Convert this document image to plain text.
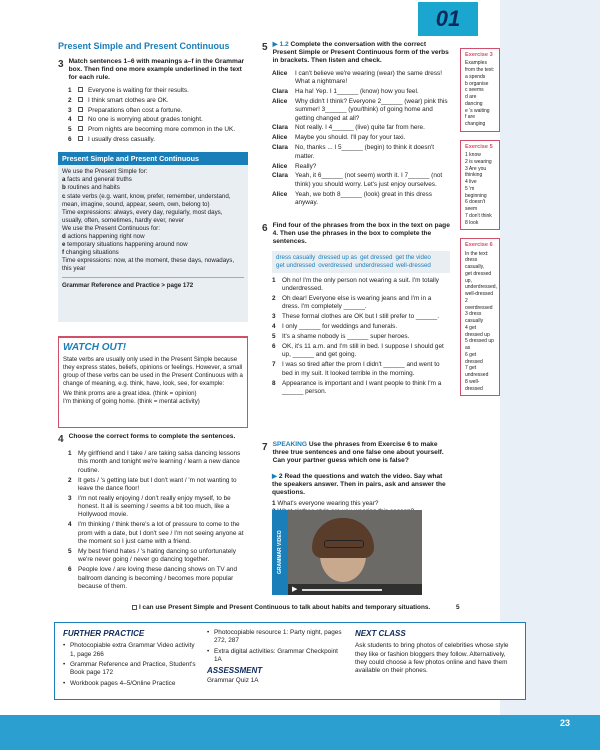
01
Present Simple and Present Continuous
3 Match sentences 1–6 with meanings a–f in the Grammar box. Then find one more example underlined in the text for each rule.
1	Everyone is waiting for their results.
2	I think smart clothes are OK.
3	Preparations often cost a fortune.
4	No one is worrying about grades tonight.
5	Prom nights are becoming more common in the UK.
6	I usually dress casually.
Present Simple and Present Continuous
We use the Present Simple for:
a facts and general truths
b routines and habits
c state verbs (e.g. want, know, prefer, remember, understand, mean, imagine, sound, appear, seem, own, belong to)
Time expressions: always, every day, regularly, most days, usually, often, sometimes, hardly ever, never
We use the Present Continuous for:
d actions happening right now
e temporary situations happening around now
f changing situations
Time expressions: now, at the moment, these days, nowadays, this year
Grammar Reference and Practice > page 172
WATCH OUT!
State verbs are usually only used in the Present Simple because they express states, beliefs, opinions or feelings. However, a small group of these verbs can be used in the Present Continuous with a change of meaning, e.g. think, have, look, see, for example:
We think proms are a great idea. (think = opinion)
I'm thinking of going home. (think = mental activity)
4 Choose the correct forms to complete the sentences.
1	My girlfriend and I take / are taking salsa dancing lessons this month and tonight we're learning / learn a new dance routine.
2	It gets / 's getting late but I don't want / 'm not wanting to leave the dance floor!
3	I'm not really enjoying / don't really enjoy myself, to be honest. It all is seeming / seems a bit too much, like a Hollywood movie.
4	I'm thinking / think there's a lot of pressure to come to the prom with a date, but I don't see / I'm not seeing anyone at the moment so I just came with a friend.
5	My best friend hates / 's hating dancing so unfortunately we're never going / never go dancing together.
6	People love / are loving these dancing shows on TV and ballroom dancing is becoming / becomes more popular because of them.
5 ▶ 1.2 Complete the conversation with the correct Present Simple or Present Continuous form of the verbs in brackets. Then listen and check.
Alice	I can't believe we're wearing (wear) the same dress! What a nightmare!
Clara	Ha ha! Yep. I 1______ (know) how you feel.
Alice	Why didn't I think? Everyone 2______ (wear) pink this summer! 3______ (you/think) of going home and getting changed at all?
Clara	Not really. I 4______ (live) quite far from here.
Alice	Maybe you should. I'll pay for your taxi.
Clara	No, thanks ... I 5______ (begin) to think it doesn't matter.
Alice	Really?
Clara	Yeah, it 6______ (not seem) worth it. I 7______ (not think) you should worry. Let's just enjoy ourselves.
Alice	Yeah, we both 8______ (look) great in this dress anyway.
6 Find four of the phrases from the box in the text on page 4. Then use the phrases in the box to complete the sentences.
dress casually dressed up as get dressed get the videoget undressed overdressed underdressed well-dressed
1	Oh no! I'm the only person not wearing a suit. I'm totally underdressed.
2	Oh dear! Everyone else is wearing jeans and I'm in a dress. I'm completely ______.
3	These formal clothes are OK but I still prefer to ______.
4	I only ______ for weddings and funerals.
5	It's a shame nobody is ______ super heroes.
6	OK, it's 11 a.m. and I'm still in bed. I suppose I should get up, ______ and get going.
7	I was so tired after the prom I didn't ______ and went to bed in my suit. It looked terrible in the morning.
8	Appearance is important and I want people to think I'm a ______ person.
7 SPEAKING Use the phrases from Exercise 6 to make three true sentences and one false one about yourself. Can your partner guess which one is false?
▶ 2 Read the questions and watch the video. Say what the speakers answer. Then in pairs, ask and answer the questions.
1 What's everyone wearing this year?
GRAMMAR VIDEO
▶
Exercise 3
Examples from the text:
a spends
b organise
c seems
d are dancing
e 's waiting
f are changing
Exercise 5
1 know
2 is wearing
3 Are you thinking
4 live
5 'm beginning
6 doesn't seem
7 don't think
8 look
Exercise 6
In the text:
dress casually,
get dressed up,
underdressed,
well-dressed
2 overdressed
3 dress casually
4 get dressed up
5 dressed up as
6 get dressed
7 get undressed
8 well-dressed
I can use Present Simple and Present Continuous to talk about habits and temporary situations.	5
FURTHER PRACTICE
• Photocopiable extra Grammar Video activity 1, page 266
• Grammar Reference and Practice, Student's Book page 172
• Workbook pages 4–5/Online Practice
• Photocopiable resource 1: Party night, pages 272, 287
• Extra digital activities: Grammar Checkpoint 1A
ASSESSMENT
Grammar Quiz 1A
NEXT CLASS
Ask students to bring photos of celebrities whose style they like or fashion bloggers they follow. Alternatively, they could choose a few photos online and have them available on their phones.
23
